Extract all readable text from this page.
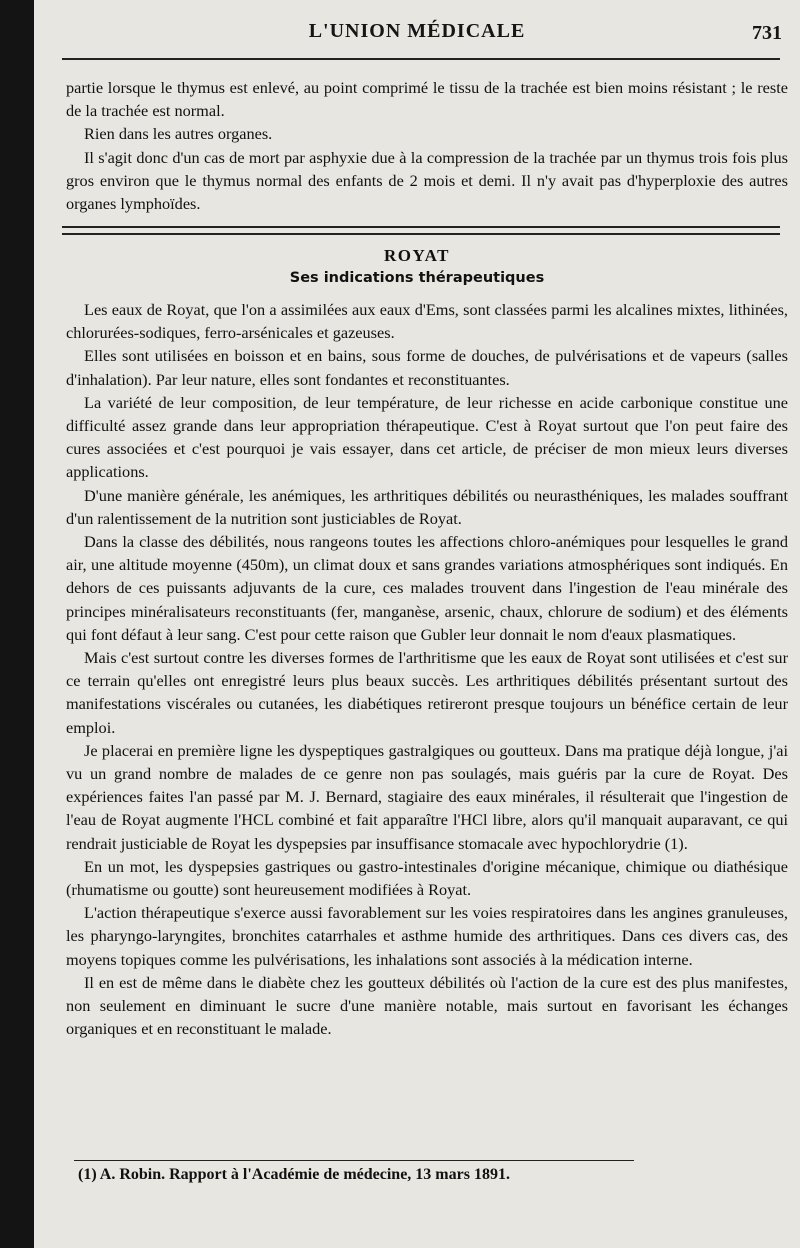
L'UNION MÉDICALE	731

partie lorsque le thymus est enlevé, au point comprimé le tissu de la trachée est bien moins résistant ; le reste de la trachée est normal.

Rien dans les autres organes.

Il s'agit donc d'un cas de mort par asphyxie due à la compression de la trachée par un thymus trois fois plus gros environ que le thymus normal des enfants de 2 mois et demi. Il n'y avait pas d'hyperploxie des autres organes lymphoïdes.

ROYAT
Ses indications thérapeutiques

Les eaux de Royat, que l'on a assimilées aux eaux d'Ems, sont classées parmi les alcalines mixtes, lithinées, chlorurées-sodiques, ferro-arsénicales et gazeuses.

Elles sont utilisées en boisson et en bains, sous forme de douches, de pulvérisations et de vapeurs (salles d'inhalation). Par leur nature, elles sont fondantes et reconstituantes.

La variété de leur composition, de leur température, de leur richesse en acide carbonique constitue une difficulté assez grande dans leur appropriation thérapeutique. C'est à Royat surtout que l'on peut faire des cures associées et c'est pourquoi je vais essayer, dans cet article, de préciser de mon mieux leurs diverses applications.

D'une manière générale, les anémiques, les arthritiques débilités ou neurasthéniques, les malades souffrant d'un ralentissement de la nutrition sont justiciables de Royat.

Dans la classe des débilités, nous rangeons toutes les affections chloro-anémiques pour lesquelles le grand air, une altitude moyenne (450m), un climat doux et sans grandes variations atmosphériques sont indiqués. En dehors de ces puissants adjuvants de la cure, ces malades trouvent dans l'ingestion de l'eau minérale des principes minéralisateurs reconstituants (fer, manganèse, arsenic, chaux, chlorure de sodium) et des éléments qui font défaut à leur sang. C'est pour cette raison que Gubler leur donnait le nom d'eaux plasmatiques.

Mais c'est surtout contre les diverses formes de l'arthritisme que les eaux de Royat sont utilisées et c'est sur ce terrain qu'elles ont enregistré leurs plus beaux succès. Les arthritiques débilités présentant surtout des manifestations viscérales ou cutanées, les diabétiques retireront presque toujours un bénéfice certain de leur emploi.

Je placerai en première ligne les dyspeptiques gastralgiques ou goutteux. Dans ma pratique déjà longue, j'ai vu un grand nombre de malades de ce genre non pas soulagés, mais guéris par la cure de Royat. Des expériences faites l'an passé par M. J. Bernard, stagiaire des eaux minérales, il résulterait que l'ingestion de l'eau de Royat augmente l'HCL combiné et fait apparaître l'HCl libre, alors qu'il manquait auparavant, ce qui rendrait justiciable de Royat les dyspepsies par insuffisance stomacale avec hypochlorydrie (1).

En un mot, les dyspepsies gastriques ou gastro-intestinales d'origine mécanique, chimique ou diathésique (rhumatisme ou goutte) sont heureusement modifiées à Royat.

L'action thérapeutique s'exerce aussi favorablement sur les voies respiratoires dans les angines granuleuses, les pharyngo-laryngites, bronchites catarrhales et asthme humide des arthritiques. Dans ces divers cas, des moyens topiques comme les pulvérisations, les inhalations sont associés à la médication interne.

Il en est de même dans le diabète chez les goutteux débilités où l'action de la cure est des plus manifestes, non seulement en diminuant le sucre d'une manière notable, mais surtout en favorisant les échanges organiques et en reconstituant le malade.

(1) A. Robin. Rapport à l'Académie de médecine, 13 mars 1891.
